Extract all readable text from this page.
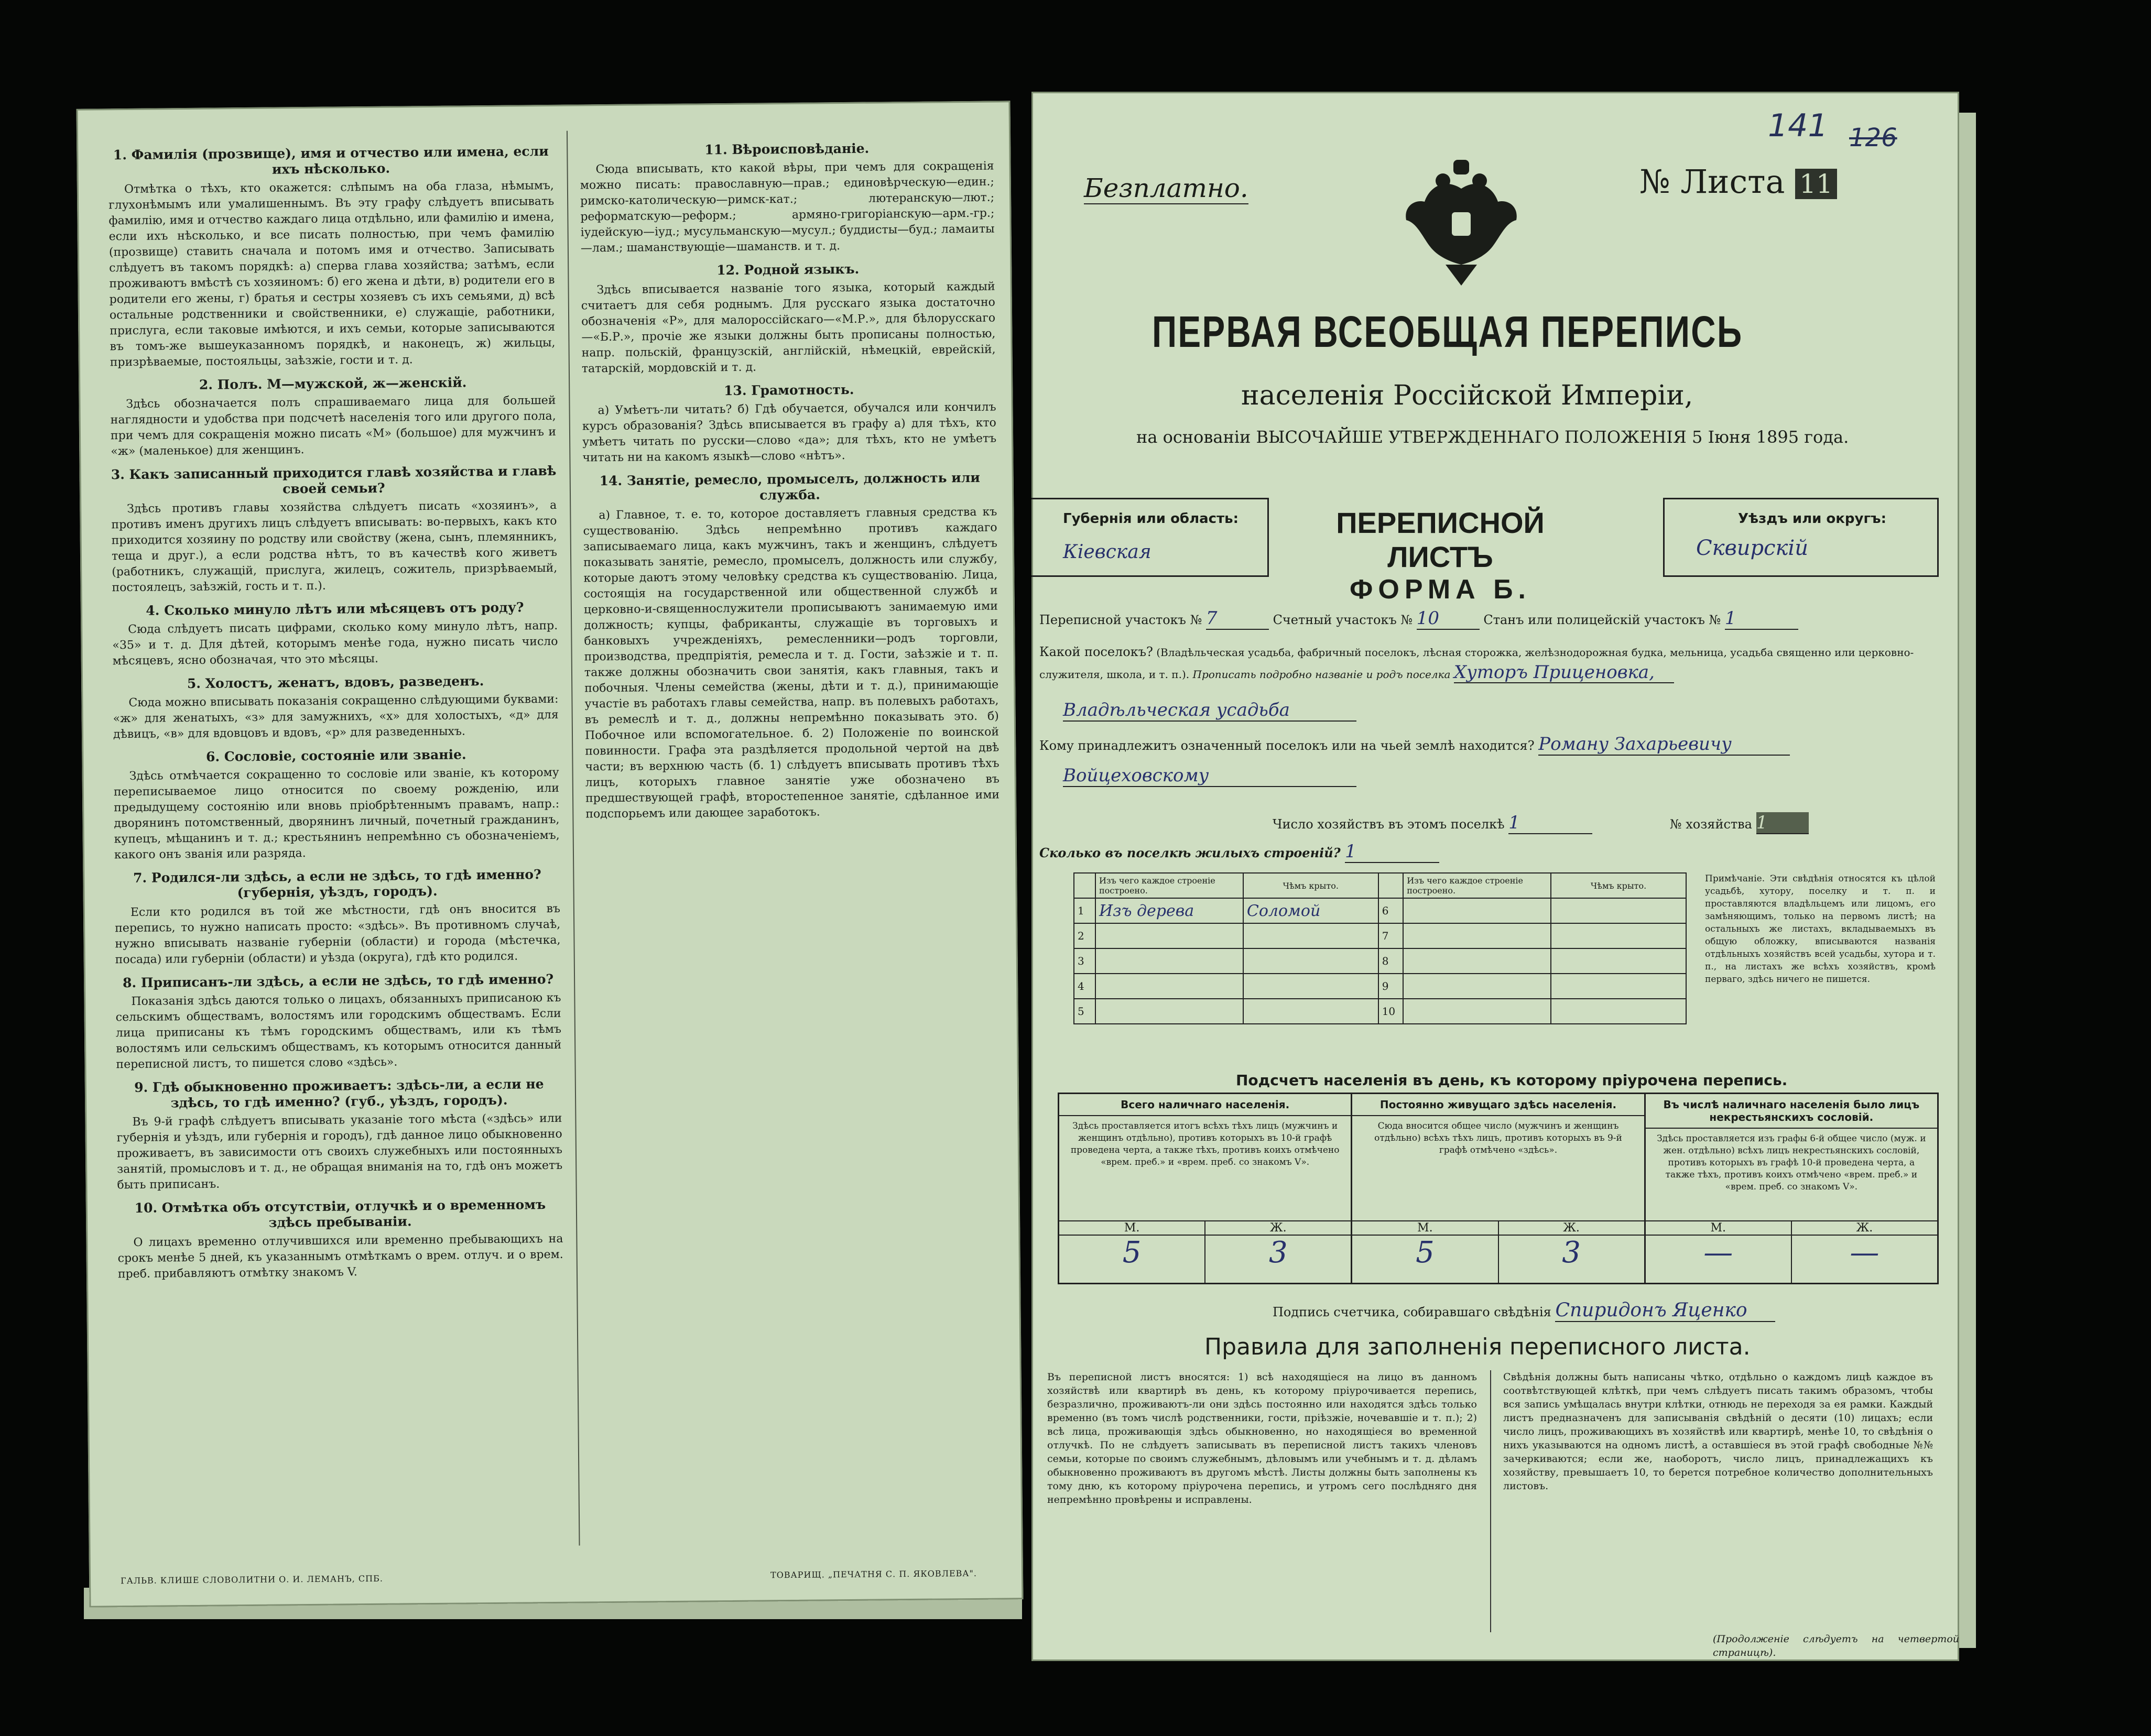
1. Фамилія (прозвище), имя и отчество или имена, если ихъ нѣсколько.

Отмѣтка о тѣхъ, кто окажется: слѣпымъ на оба глаза, нѣмымъ, глухонѣмымъ или умалишеннымъ. Въ эту графу слѣдуетъ вписывать фамилію, имя и отчество каждаго лица отдѣльно, или фамилію и имена, если ихъ нѣсколько, и все писать полностью, при чемъ фамилію (прозвище) ставить сначала и потомъ имя и отчество. Записывать слѣдуетъ въ такомъ порядкѣ: а) сперва глава хозяйства; затѣмъ, если проживаютъ вмѣстѣ съ хозяиномъ: б) его жена и дѣти, в) родители его в родители его жены, г) братья и сестры хозяевъ съ ихъ семьями, д) всѣ остальные родственники и свойственники, е) служащіе, работники, прислуга, если таковые имѣются, и ихъ семьи, которые записываются въ томъ-же вышеуказанномъ порядкѣ, и наконецъ, ж) жильцы, призрѣваемые, постояльцы, заѣзжіе, гости и т. д.

2. Полъ. М—мужской, ж—женскій.

Здѣсь обозначается полъ спрашиваемаго лица для большей наглядности и удобства при подсчетѣ населенія того или другого пола, при чемъ для сокращенія можно писать «М» (большое) для мужчинъ и «ж» (маленькое) для женщинъ.

3. Какъ записанный приходится главѣ хозяйства и главѣ своей семьи?

Здѣсь противъ главы хозяйства слѣдуетъ писать «хозяинъ», а противъ именъ другихъ лицъ слѣдуетъ вписывать: во-первыхъ, какъ кто приходится хозяину по родству или свойству (жена, сынъ, племянникъ, теща и друг.), а если родства нѣтъ, то въ качествѣ кого живетъ (работникъ, служащій, прислуга, жилецъ, сожитель, призрѣваемый, постоялецъ, заѣзжій, гость и т. п.).

4. Сколько минуло лѣтъ или мѣсяцевъ отъ роду?

Сюда слѣдуетъ писать цифрами, сколько кому минуло лѣтъ, напр. «35» и т. д. Для дѣтей, которымъ менѣе года, нужно писать число мѣсяцевъ, ясно обозначая, что это мѣсяцы.

5. Холостъ, женатъ, вдовъ, разведенъ.

Сюда можно вписывать показанія сокращенно слѣдующими буквами: «ж» для женатыхъ, «з» для замужнихъ, «х» для холостыхъ, «д» для дѣвицъ, «в» для вдовцовъ и вдовъ, «р» для разведенныхъ.

6. Сословіе, состояніе или званіе.

Здѣсь отмѣчается сокращенно то сословіе или званіе, къ которому переписываемое лицо относится по своему рожденію, или предыдущему состоянію или вновь пріобрѣтеннымъ правамъ, напр.: дворянинъ потомственный, дворянинъ личный, почетный гражданинъ, купецъ, мѣщанинъ и т. д.; крестьянинъ непремѣнно съ обозначеніемъ, какого онъ званія или разряда.

7. Родился-ли здѣсь, а если не здѣсь, то гдѣ именно? (губернія, уѣздъ, городъ).

Если кто родился въ той же мѣстности, гдѣ онъ вносится въ перепись, то нужно написать просто: «здѣсь». Въ противномъ случаѣ, нужно вписывать названіе губерніи (области) и города (мѣстечка, посада) или губерніи (области) и уѣзда (округа), гдѣ кто родился.

8. Приписанъ-ли здѣсь, а если не здѣсь, то гдѣ именно?

Показанія здѣсь даются только о лицахъ, обязанныхъ приписаною къ сельскимъ обществамъ, волостямъ или городскимъ обществамъ. Если лица приписаны къ тѣмъ городскимъ обществамъ, или къ тѣмъ волостямъ или сельскимъ обществамъ, къ которымъ относится данный переписной листъ, то пишется слово «здѣсь».

9. Гдѣ обыкновенно проживаетъ: здѣсь-ли, а если не здѣсь, то гдѣ именно? (губ., уѣздъ, городъ).

Въ 9-й графѣ слѣдуетъ вписывать указаніе того мѣста («здѣсь» или губернія и уѣздъ, или губернія и городъ), гдѣ данное лицо обыкновенно проживаетъ, въ зависимости отъ своихъ служебныхъ или постоянныхъ занятій, промысловъ и т. д., не обращая вниманія на то, гдѣ онъ можетъ быть приписанъ.

10. Отмѣтка объ отсутствіи, отлучкѣ и о временномъ здѣсь пребываніи.

О лицахъ временно отлучившихся или временно пребывающихъ на срокъ менѣе 5 дней, къ указаннымъ отмѣткамъ о врем. отлуч. и о врем. преб. прибавляютъ отмѣтку знакомъ V.

11. Вѣроисповѣданіе.

Сюда вписывать, кто какой вѣры, при чемъ для сокращенія можно писать: православную—прав.; единовѣрческую—един.; римско-католическую—римск-кат.; лютеранскую—лют.; реформатскую—реформ.; армяно-григоріанскую—арм.-гр.; іудейскую—іуд.; мусульманскую—мусул.; буддисты—буд.; ламаиты—лам.; шаманствующіе—шаманств. и т. д.

12. Родной языкъ.

Здѣсь вписывается названіе того языка, который каждый считаетъ для себя роднымъ. Для русскаго языка достаточно обозначенія «Р», для малороссійскаго—«М.Р.», для бѣлорусскаго—«Б.Р.», прочіе же языки должны быть прописаны полностью, напр. польскій, французскій, англійскій, нѣмецкій, еврейскій, татарскій, мордовскій и т. д.

13. Грамотность.

а) Умѣетъ-ли читать? б) Гдѣ обучается, обучался или кончилъ курсъ образованія? Здѣсь вписывается въ графу а) для тѣхъ, кто умѣетъ читать по русски—слово «да»; для тѣхъ, кто не умѣетъ читать ни на какомъ языкѣ—слово «нѣтъ».

14. Занятіе, ремесло, промыселъ, должность или служба.

а) Главное, т. е. то, которое доставляетъ главныя средства къ существованію. Здѣсь непремѣнно противъ каждаго записываемаго лица, какъ мужчинъ, такъ и женщинъ, слѣдуетъ показывать занятіе, ремесло, промыселъ, должность или службу, которые даютъ этому человѣку средства къ существованію. Лица, состоящія на государственной или общественной службѣ и церковно-и-священнослужители прописываютъ занимаемую ими должность; купцы, фабриканты, служащіе въ торговыхъ и банковыхъ учрежденіяхъ, ремесленники—родъ торговли, производства, предпріятія, ремесла и т. д. Гости, заѣзжіе и т. п. также должны обозначить свои занятія, какъ главныя, такъ и побочныя. Члены семейства (жены, дѣти и т. д.), принимающіе участіе въ работахъ главы семейства, напр. въ полевыхъ работахъ, въ ремеслѣ и т. д., должны непремѣнно показывать это. б) Побочное или вспомогательное. б. 2) Положеніе по воинской повинности. Графа эта раздѣляется продольной чертой на двѣ части; въ верхнюю часть (б. 1) слѣдуетъ вписывать противъ тѣхъ лицъ, которыхъ главное занятіе уже обозначено въ предшествующей графѣ, второстепенное занятіе, сдѣланное ими подспорьемъ или дающее заработокъ.

ГАЛЬВ. КЛИШЕ СЛОВОЛИТНИ О. И. ЛЕМАНЪ, СПБ.	ТОВАРИЩ. „ПЕЧАТНЯ С. П. ЯКОВЛЕВА".
141 126
Безплатно.	№ Листа 11
ПЕРВАЯ ВСЕОБЩАЯ ПЕРЕПИСЬ
населенія Россійской Имперіи,
на основаніи ВЫСОЧАЙШЕ УТВЕРЖДЕННАГО ПОЛОЖЕНІЯ 5 Іюня 1895 года.
Губернія или область:
Кіевская
ПЕРЕПИСНОЙ ЛИСТЪ
ФОРМА Б.
Уѣздъ или округъ:
Сквирскій
Переписной участокъ № 7	Счетный участокъ № 10	Станъ или полицейскій участокъ № 1
Какой поселокъ? (Владѣльческая усадьба, фабричный поселокъ, лѣсная сторожка, желѣзнодорожная будка, мельница, усадьба священно или церковно-служителя, школа, и т. п.). Прописать подробно названіе и родъ поселка Хуторъ Приценовка,
Владѣльческая усадьба
Кому принадлежитъ означенный поселокъ или на чьей землѣ находится? Роману Захарьевичу
Войцеховскому
Число хозяйствъ въ этомъ поселкѣ 1	№ хозяйства 1
Сколько въ поселкѣ жилыхъ строеній? 1
	Изъ чего каждое строеніе построено.	Чѣмъ крыто.		Изъ чего каждое строеніе построено.	Чѣмъ крыто.
1	Изъ дерева	Соломой	6		
2			7		
3			8		
4			9		
5			10		
Примѣчаніе. Эти свѣдѣнія относятся къ цѣлой усадьбѣ, хутору, поселку и т. п. и проставляются владѣльцемъ или лицомъ, его замѣняющимъ, только на первомъ листѣ; на остальныхъ же листахъ, вкладываемыхъ въ общую обложку, вписываются названія отдѣльныхъ хозяйствъ всей усадьбы, хутора и т. п., на листахъ же всѣхъ хозяйствъ, кромѣ перваго, здѣсь ничего не пишется.
Подсчетъ населенія въ день, къ которому пріурочена перепись.
Всего наличнаго населенія.
Здѣсь проставляется итогъ всѣхъ тѣхъ лицъ (мужчинъ и женщинъ отдѣльно), противъ которыхъ въ 10-й графѣ проведена черта, а также тѣхъ, противъ коихъ отмѣчено «врем. преб.» и «врем. преб. со знакомъ V».
М.	Ж.
5	3
Постоянно живущаго здѣсь населенія.
Сюда вносится общее число (мужчинъ и женщинъ отдѣльно) всѣхъ тѣхъ лицъ, противъ которыхъ въ 9-й графѣ отмѣчено «здѣсь».
М.	Ж.
5	3
Въ числѣ наличнаго населенія было лицъ некрестьянскихъ сословій.
Здѣсь проставляется изъ графы 6-й общее число (муж. и жен. отдѣльно) всѣхъ лицъ некрестьянскихъ сословій, противъ которыхъ въ графѣ 10-й проведена черта, а также тѣхъ, противъ коихъ отмѣчено «врем. преб.» и «врем. преб. со знакомъ V».
М.	Ж.
—	—
Подпись счетчика, собиравшаго свѣдѣнія Спиридонъ Яценко
Правила для заполненія переписного листа.
Въ переписной листъ вносятся: 1) всѣ находящіеся на лицо въ данномъ хозяйствѣ или квартирѣ въ день, къ которому пріурочивается перепись, безразлично, проживаютъ-ли они здѣсь постоянно или находятся здѣсь только временно (въ томъ числѣ родственники, гости, пріѣзжіе, ночевавшіе и т. п.); 2) всѣ лица, проживающія здѣсь обыкновенно, но находящіеся во временной отлучкѣ. По не слѣдуетъ записывать въ переписной листъ такихъ членовъ семьи, которые по своимъ служебнымъ, дѣловымъ или учебнымъ и т. д. дѣламъ обыкновенно проживаютъ въ другомъ мѣстѣ. Листы должны быть заполнены къ тому дню, къ которому пріурочена перепись, и утромъ сего послѣдняго дня непремѣнно провѣрены и исправлены.
Свѣдѣнія должны быть написаны чѣтко, отдѣльно о каждомъ лицѣ каждое въ соотвѣтствующей клѣткѣ, при чемъ слѣдуетъ писать такимъ образомъ, чтобы вся запись умѣщалась внутри клѣтки, отнюдь не переходя за ея рамки. Каждый листъ предназначенъ для записыванія свѣдѣній о десяти (10) лицахъ; если число лицъ, проживающихъ въ хозяйствѣ или квартирѣ, менѣе 10, то свѣдѣнія о нихъ указываются на одномъ листѣ, а оставшіеся въ этой графѣ свободные №№ зачеркиваются; если же, наоборотъ, число лицъ, принадлежащихъ къ хозяйству, превышаетъ 10, то берется потребное количество дополнительныхъ листовъ.
(Продолженіе слѣдуетъ на четвертой страницѣ).
